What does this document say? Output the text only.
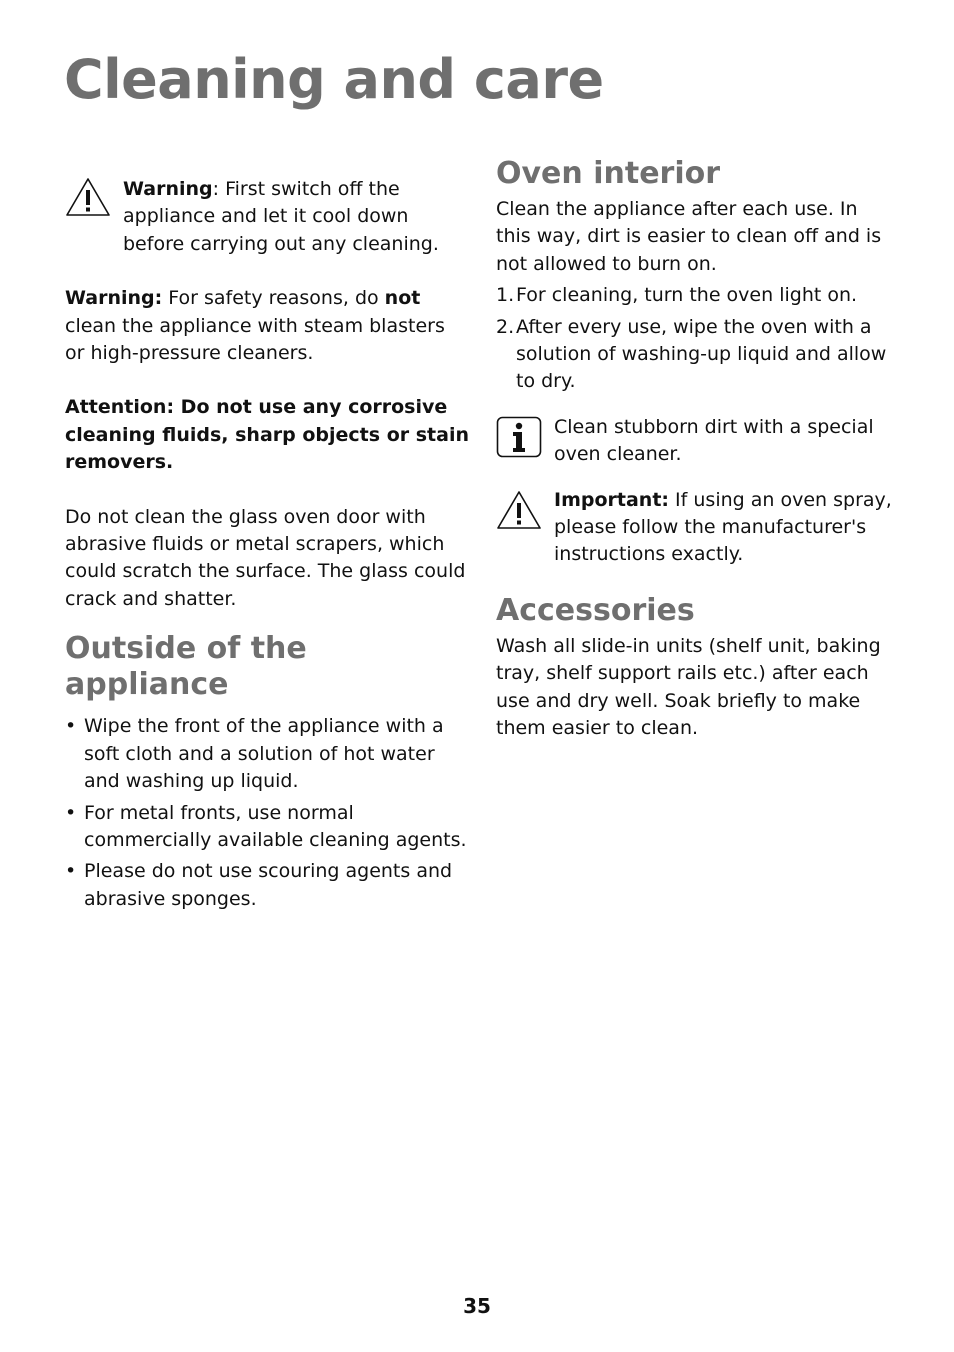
Cleaning and care

Warning: First switch off the appliance and let it cool down before carrying out any cleaning.

Warning: For safety reasons, do not clean the appliance with steam blasters or high-pressure cleaners.

Attention: Do not use any corrosive cleaning fluids, sharp objects or stain removers.

Do not clean the glass oven door with abrasive fluids or metal scrapers, which could scratch the surface. The glass could crack and shatter.

Outside of the appliance
• Wipe the front of the appliance with a soft cloth and a solution of hot water and washing up liquid.
• For metal fronts, use normal commercially available cleaning agents.
• Please do not use scouring agents and abrasive sponges.
Oven interior

Clean the appliance after each use. In this way, dirt is easier to clean off and is not allowed to burn on.

1. For cleaning, turn the oven light on.
2. After every use, wipe the oven with a solution of washing-up liquid and allow to dry.

Clean stubborn dirt with a special oven cleaner.

Important: If using an oven spray, please follow the manufacturer's instructions exactly.

Accessories

Wash all slide-in units (shelf unit, baking tray, shelf support rails etc.) after each use and dry well. Soak briefly to make them easier to clean.

35
